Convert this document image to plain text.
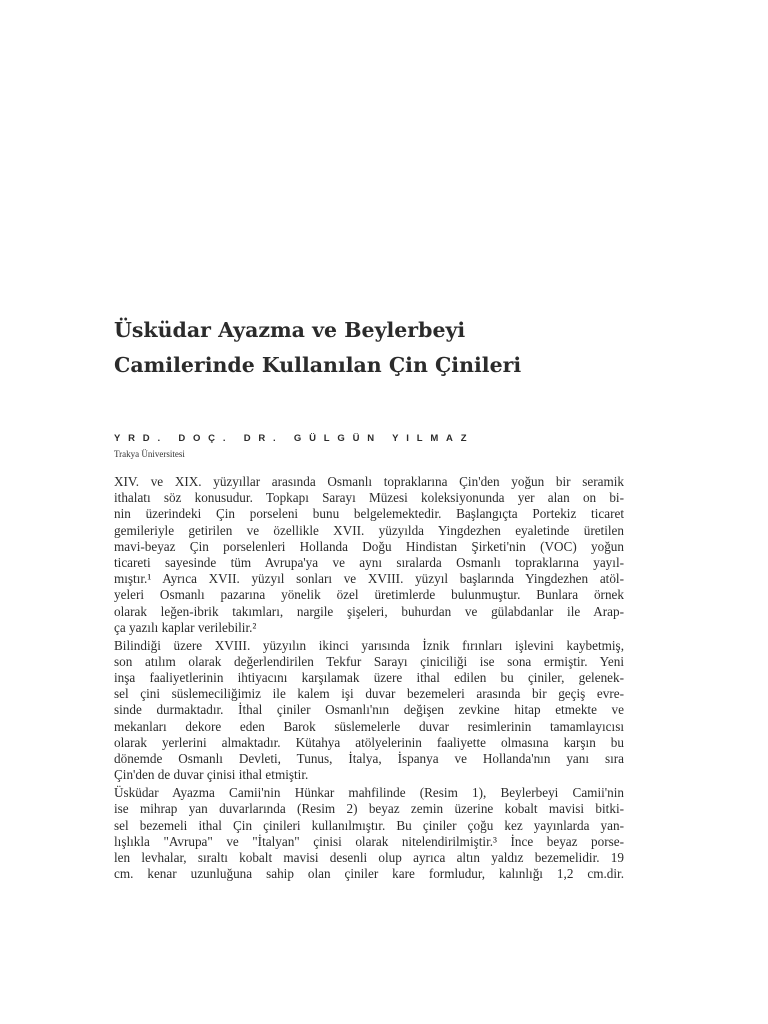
Üsküdar Ayazma ve Beylerbeyi
Camilerinde Kullanılan Çin Çinileri
YRD. DOÇ. DR. GÜLGÜN YILMAZ
Trakya Üniversitesi

XIV. ve XIX. yüzyıllar arasında Osmanlı topraklarına Çin'den yoğun bir seramik
ithalatı söz konusudur. Topkapı Sarayı Müzesi koleksiyonunda yer alan on bi-
nin üzerindeki Çin porseleni bunu belgelemektedir. Başlangıçta Portekiz ticaret
gemileriyle getirilen ve özellikle XVII. yüzyılda Yingdezhen eyaletinde üretilen
mavi-beyaz Çin porselenleri Hollanda Doğu Hindistan Şirketi'nin (VOC) yoğun
ticareti sayesinde tüm Avrupa'ya ve aynı sıralarda Osmanlı topraklarına yayıl-
mıştır.¹ Ayrıca XVII. yüzyıl sonları ve XVIII. yüzyıl başlarında Yingdezhen atöl-
yeleri Osmanlı pazarına yönelik özel üretimlerde bulunmuştur. Bunlara örnek
olarak leğen-ibrik takımları, nargile şişeleri, buhurdan ve gülabdanlar ile Arap-
ça yazılı kaplar verilebilir.²

Bilindiği üzere XVIII. yüzyılın ikinci yarısında İznik fırınları işlevini kaybetmiş,
son atılım olarak değerlendirilen Tekfur Sarayı çiniciliği ise sona ermiştir. Yeni
inşa faaliyetlerinin ihtiyacını karşılamak üzere ithal edilen bu çiniler, gelenek-
sel çini süslemeciliğimiz ile kalem işi duvar bezemeleri arasında bir geçiş evre-
sinde durmaktadır. İthal çiniler Osmanlı'nın değişen zevkine hitap etmekte ve
mekanları dekore eden Barok süslemelerle duvar resimlerinin tamamlayıcısı
olarak yerlerini almaktadır. Kütahya atölyelerinin faaliyette olmasına karşın bu
dönemde Osmanlı Devleti, Tunus, İtalya, İspanya ve Hollanda'nın yanı sıra
Çin'den de duvar çinisi ithal etmiştir.

Üsküdar Ayazma Camii'nin Hünkar mahfilinde (Resim 1), Beylerbeyi Camii'nin
ise mihrap yan duvarlarında (Resim 2) beyaz zemin üzerine kobalt mavisi bitki-
sel bezemeli ithal Çin çinileri kullanılmıştır. Bu çiniler çoğu kez yayınlarda yan-
lışlıkla "Avrupa" ve "İtalyan" çinisi olarak nitelendirilmiştir.³ İnce beyaz porse-
len levhalar, sıraltı kobalt mavisi desenli olup ayrıca altın yaldız bezemelidir. 19
cm. kenar uzunluğuna sahip olan çiniler kare formludur, kalınlığı 1,2 cm.dir.
